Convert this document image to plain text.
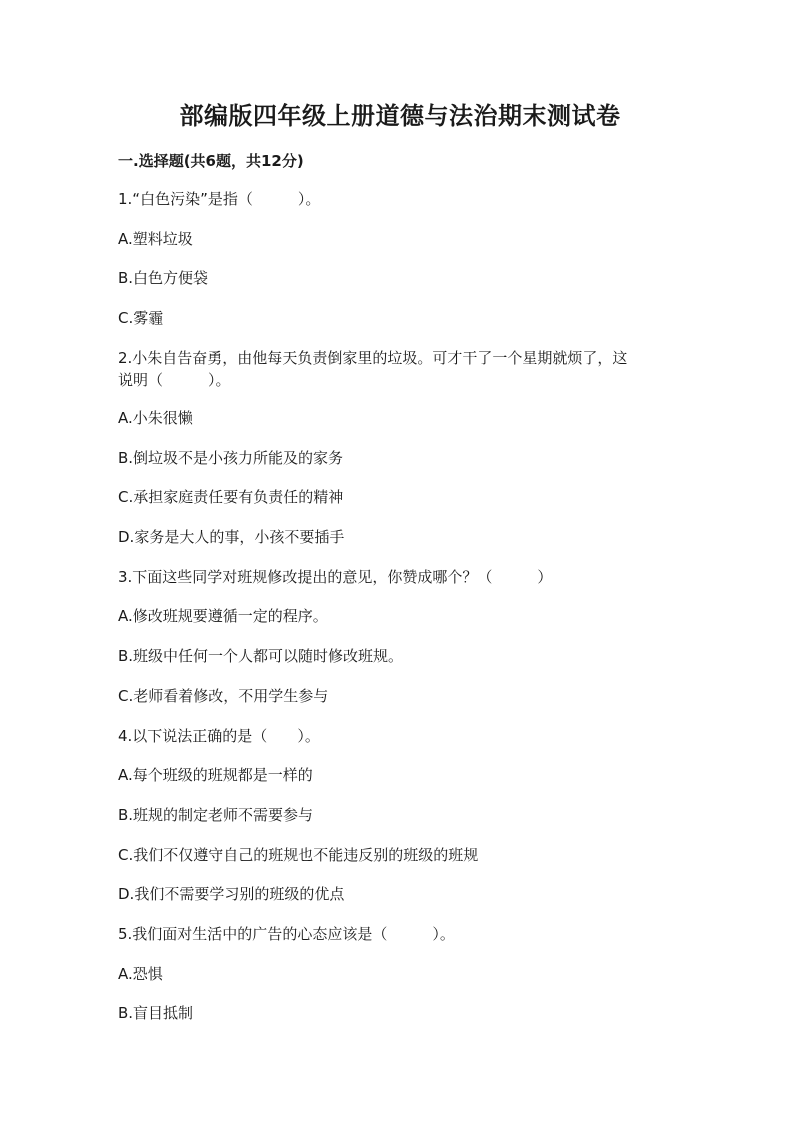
部编版四年级上册道德与法治期末测试卷
一.选择题(共6题，共12分)
1.“白色污染”是指（　　　）。
A.塑料垃圾
B.白色方便袋
C.雾霾
2.小朱自告奋勇，由他每天负责倒家里的垃圾。可才干了一个星期就烦了，这
说明（　　　）。
A.小朱很懒
B.倒垃圾不是小孩力所能及的家务
C.承担家庭责任要有负责任的精神
D.家务是大人的事，小孩不要插手
3.下面这些同学对班规修改提出的意见，你赞成哪个？（　　　）
A.修改班规要遵循一定的程序。
B.班级中任何一个人都可以随时修改班规。
C.老师看着修改，不用学生参与
4.以下说法正确的是（　　）。
A.每个班级的班规都是一样的
B.班规的制定老师不需要参与
C.我们不仅遵守自己的班规也不能违反别的班级的班规
D.我们不需要学习别的班级的优点
5.我们面对生活中的广告的心态应该是（　　　）。
A.恐惧
B.盲目抵制
